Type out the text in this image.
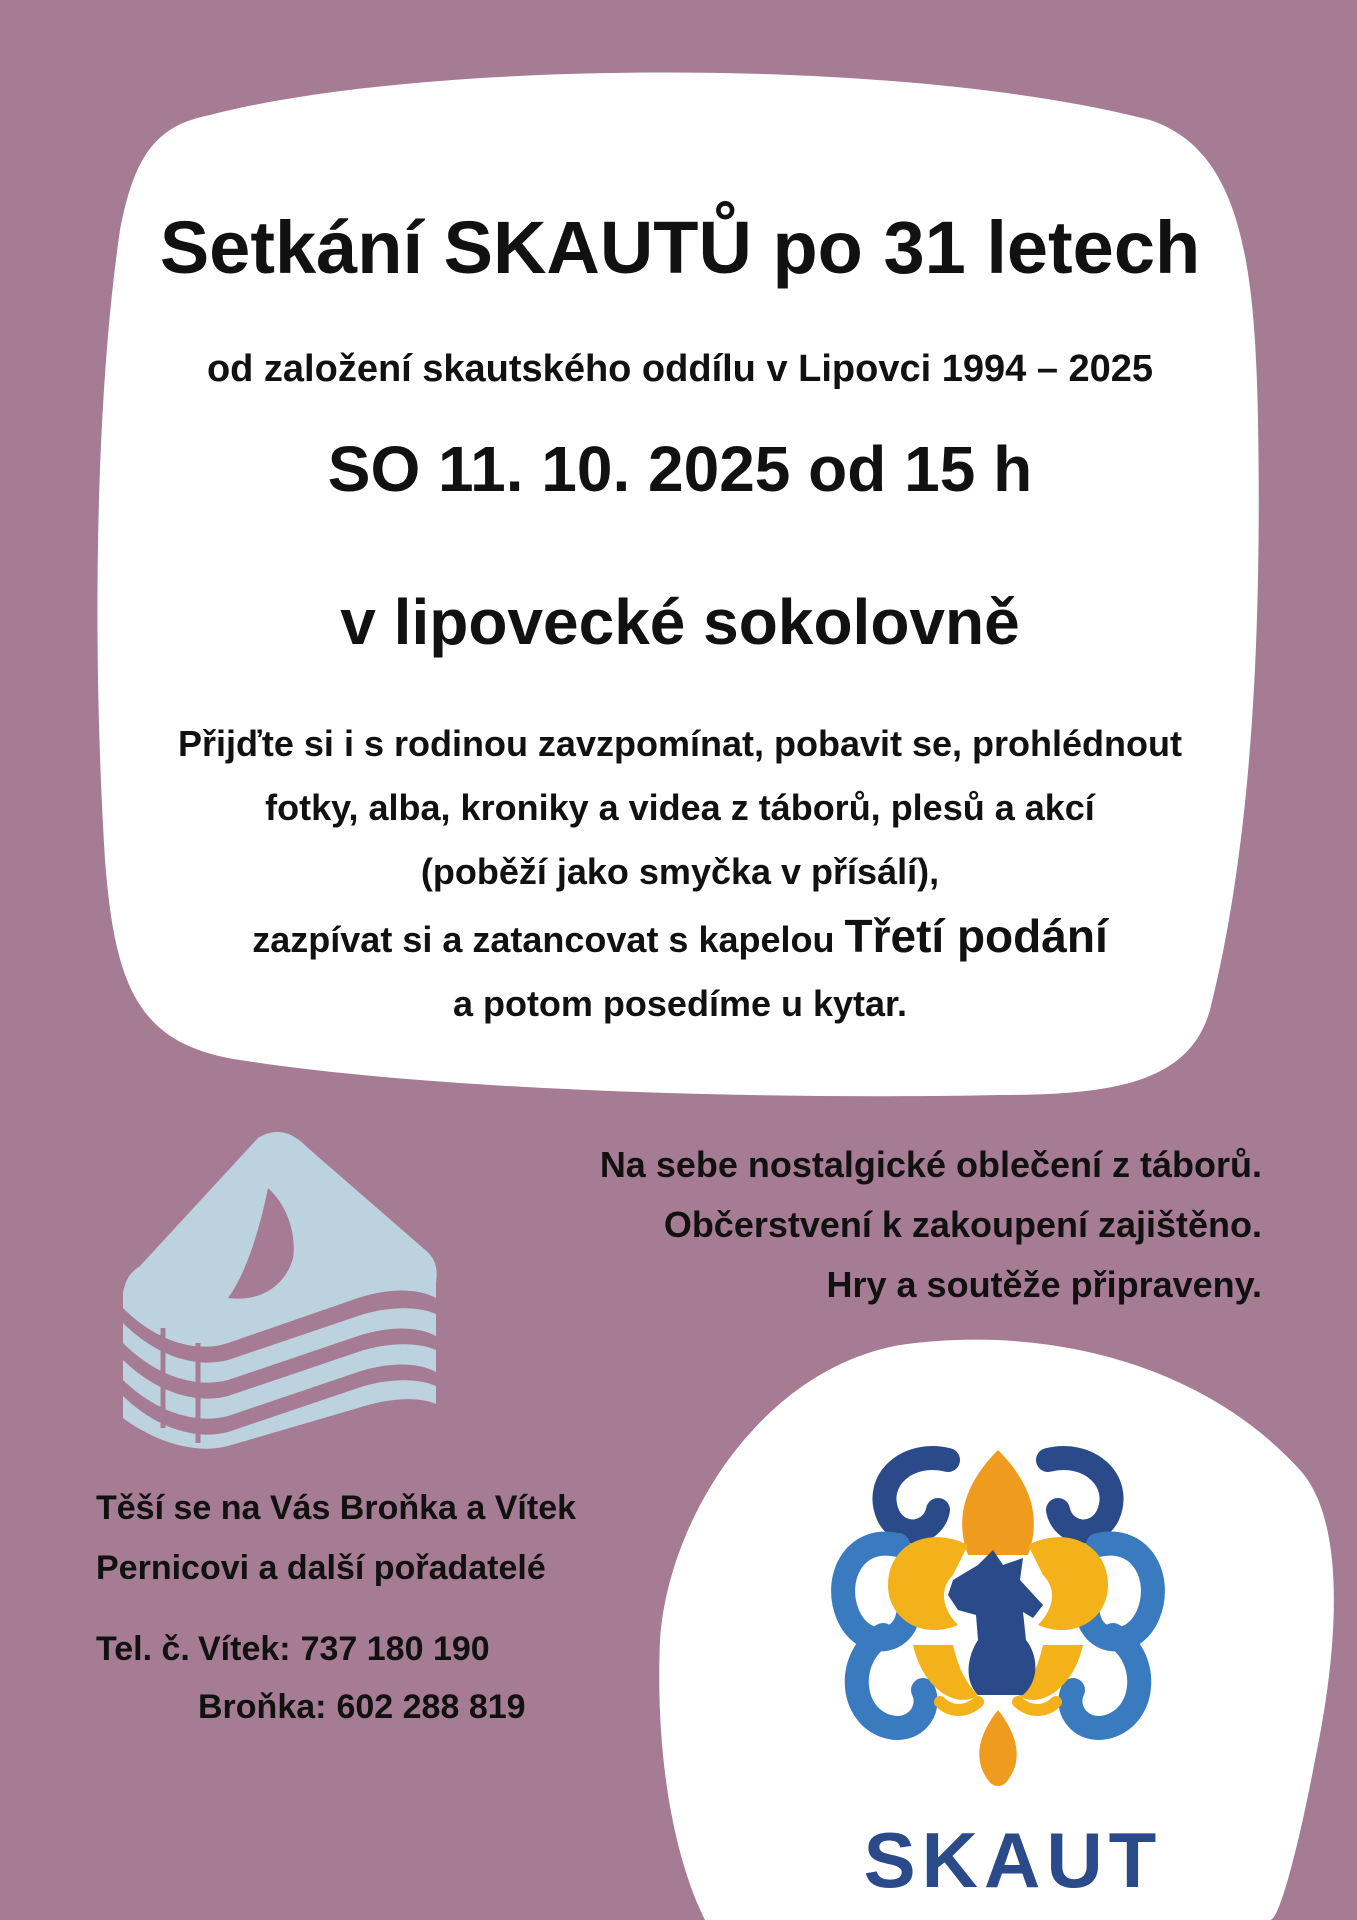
Setkání SKAUTŮ po 31 letech

od založení skautského oddílu v Lipovci 1994 – 2025

SO 11. 10. 2025 od 15 h

v lipovecké sokolovně

Přijďte si i s rodinou zavzpomínat, pobavit se, prohlédnout
fotky, alba, kroniky a videa z táborů, plesů a akcí
(poběží jako smyčka v přísálí),
zazpívat si a zatancovat s kapelou Třetí podání
a potom posedíme u kytar.
Na sebe nostalgické oblečení z táborů.
Občerstvení k zakoupení zajištěno.
Hry a soutěže připraveny.
Těší se na Vás Broňka a Vítek
Pernicovi a další pořadatelé
Tel. č. Vítek: 737 180 190
Broňka: 602 288 819
SKAUT
